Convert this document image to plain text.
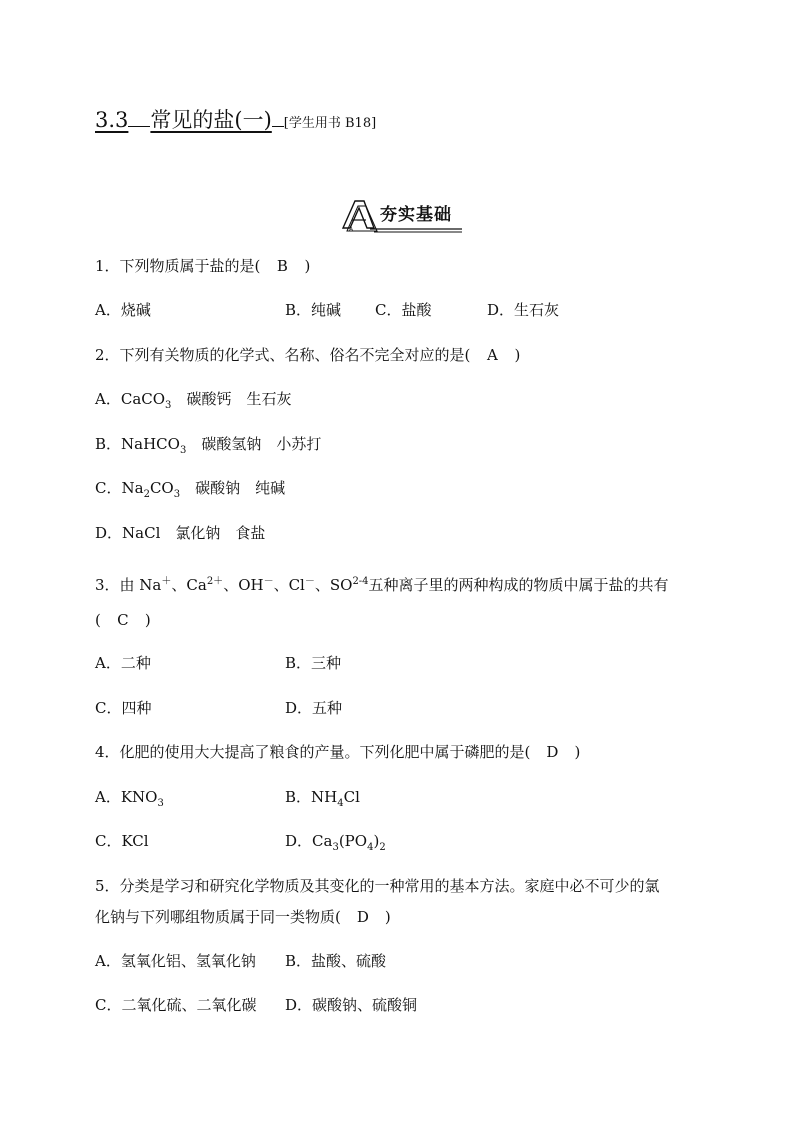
3.3 常见的盐(一) [学生用书 B18]
A
夯实基础
1．下列物质属于盐的是(　 B　 )
A．烧碱	B．纯碱 C．盐酸	D．生石灰
2．下列有关物质的化学式、名称、俗名不完全对应的是(　 A　 )
A．CaCO$_3$　 碳酸钙　生石灰
B．NaHCO$_3$　 碳酸氢钠　小苏打
C．$Na_2CO_3$　 碳酸钠　纯碱
D．NaCl　氯化钠　食盐
3．由 Na＋、$Ca^{2+}$、OH－、Cl－、SO$^{2-4}$五种离子里的两种构成的物质中属于盐的共有
(　 C　 )
A．二种	B．三种
C．四种	D．五种
4．化肥的使用大大提高了粮食的产量。下列化肥中属于磷肥的是(　 D　 )
A．$KNO_3$	B．$NH_4Cl$
C．KCl	D．$Ca_3(PO_4)_2$
5．分类是学习和研究化学物质及其变化的一种常用的基本方法。家庭中必不可少的氯
化钠与下列哪组物质属于同一类物质(　 D　 )
A．氢氧化铝、氢氧化钠 B．盐酸、硫酸
C．二氧化硫、二氧化碳 D．碳酸钠、硫酸铜
